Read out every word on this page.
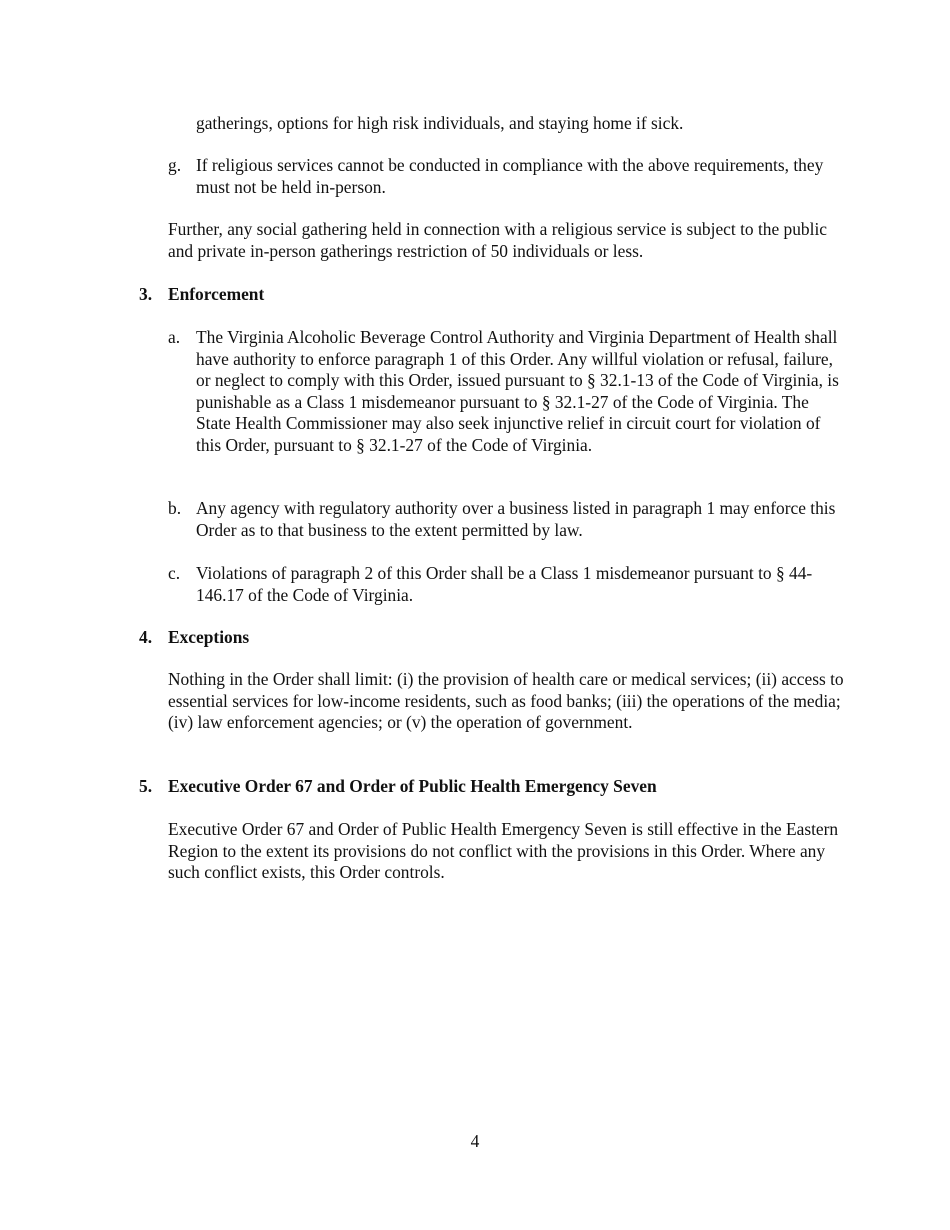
gatherings, options for high risk individuals, and staying home if sick.

g. If religious services cannot be conducted in compliance with the above requirements, they must not be held in-person.

Further, any social gathering held in connection with a religious service is subject to the public and private in-person gatherings restriction of 50 individuals or less.

3. Enforcement
a. The Virginia Alcoholic Beverage Control Authority and Virginia Department of Health shall have authority to enforce paragraph 1 of this Order. Any willful violation or refusal, failure, or neglect to comply with this Order, issued pursuant to § 32.1-13 of the Code of Virginia, is punishable as a Class 1 misdemeanor pursuant to § 32.1-27 of the Code of Virginia. The State Health Commissioner may also seek injunctive relief in circuit court for violation of this Order, pursuant to § 32.1-27 of the Code of Virginia.

b. Any agency with regulatory authority over a business listed in paragraph 1 may enforce this Order as to that business to the extent permitted by law.

c. Violations of paragraph 2 of this Order shall be a Class 1 misdemeanor pursuant to § 44-146.17 of the Code of Virginia.

4. Exceptions

Nothing in the Order shall limit: (i) the provision of health care or medical services; (ii) access to essential services for low-income residents, such as food banks; (iii) the operations of the media; (iv) law enforcement agencies; or (v) the operation of government.

5. Executive Order 67 and Order of Public Health Emergency Seven

Executive Order 67 and Order of Public Health Emergency Seven is still effective in the Eastern Region to the extent its provisions do not conflict with the provisions in this Order. Where any such conflict exists, this Order controls.

4
